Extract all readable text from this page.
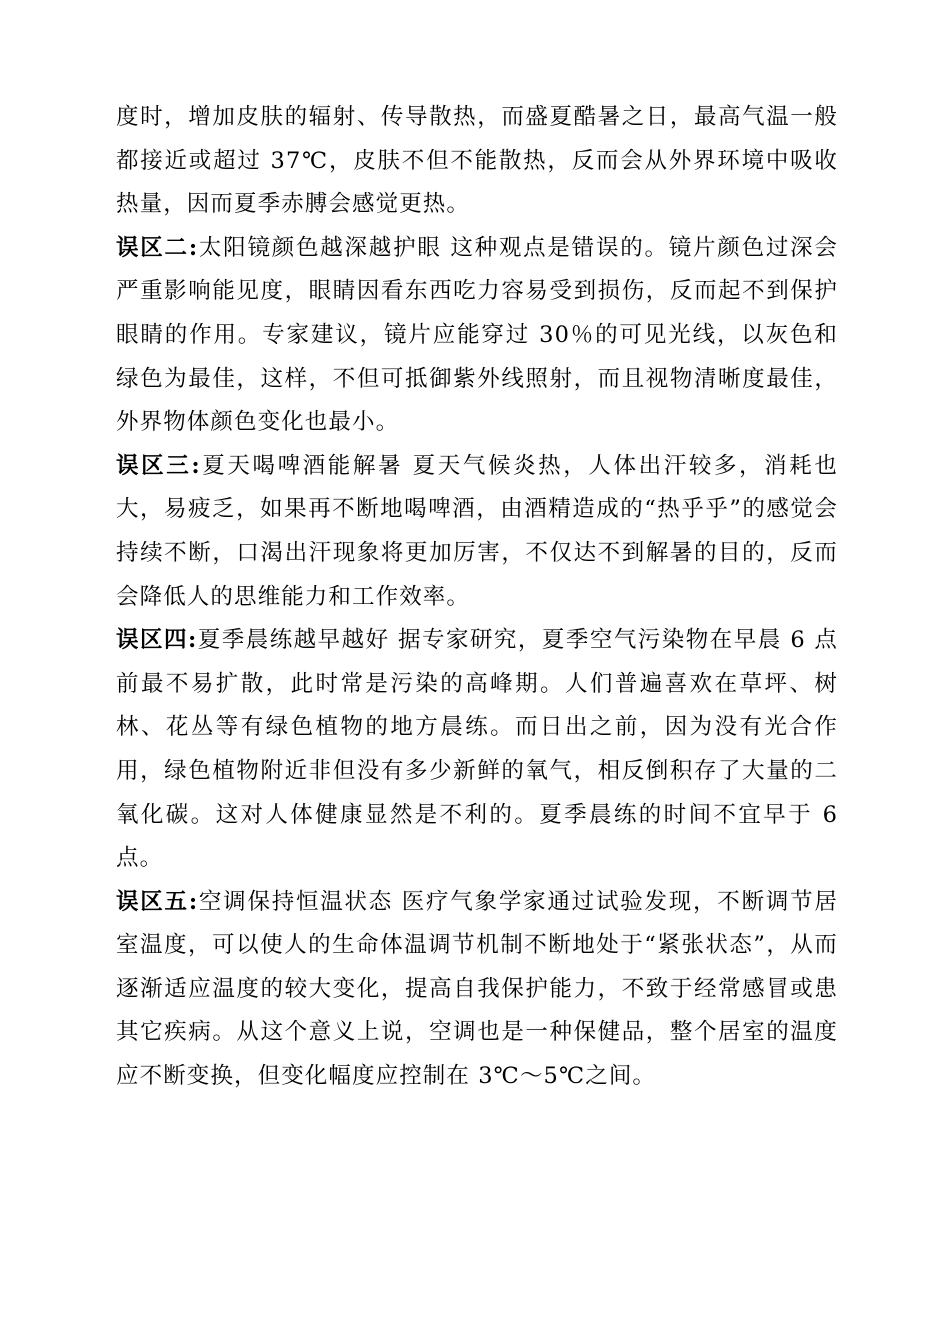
度时，增加皮肤的辐射、传导散热，而盛夏酷暑之日，最高气温一般都接近或超过 37℃，皮肤不但不能散热，反而会从外界环境中吸收热量，因而夏季赤膊会感觉更热。

误区二:太阳镜颜色越深越护眼 这种观点是错误的。镜片颜色过深会严重影响能见度，眼睛因看东西吃力容易受到损伤，反而起不到保护眼睛的作用。专家建议，镜片应能穿过 30％的可见光线，以灰色和绿色为最佳，这样，不但可抵御紫外线照射，而且视物清晰度最佳，外界物体颜色变化也最小。

误区三:夏天喝啤酒能解暑 夏天气候炎热，人体出汗较多，消耗也大，易疲乏，如果再不断地喝啤酒，由酒精造成的“热乎乎”的感觉会持续不断，口渴出汗现象将更加厉害，不仅达不到解暑的目的，反而会降低人的思维能力和工作效率。

误区四:夏季晨练越早越好 据专家研究，夏季空气污染物在早晨 6 点前最不易扩散，此时常是污染的高峰期。人们普遍喜欢在草坪、树林、花丛等有绿色植物的地方晨练。而日出之前，因为没有光合作用，绿色植物附近非但没有多少新鲜的氧气，相反倒积存了大量的二氧化碳。这对人体健康显然是不利的。夏季晨练的时间不宜早于 6 点。

误区五:空调保持恒温状态 医疗气象学家通过试验发现，不断调节居室温度，可以使人的生命体温调节机制不断地处于“紧张状态”，从而逐渐适应温度的较大变化，提高自我保护能力，不致于经常感冒或患其它疾病。从这个意义上说，空调也是一种保健品，整个居室的温度应不断变换，但变化幅度应控制在 3℃～5℃之间。
